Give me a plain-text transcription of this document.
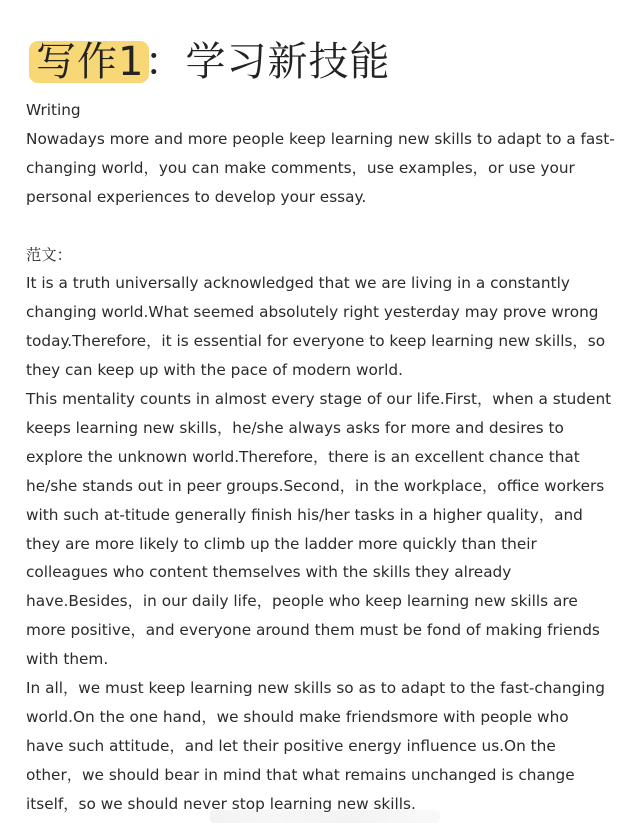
写作1：学习新技能

Writing

Nowadays more and more people keep learning new skills to adapt to a fast-

changing world，you can make comments，use examples，or use your

personal experiences to develop your essay.

范文：

It is a truth universally acknowledged that we are living in a constantly

changing world.What seemed absolutely right yesterday may prove wrong

today.Therefore，it is essential for everyone to keep learning new skills，so

they can keep up with the pace of modern world.

This mentality counts in almost every stage of our life.First，when a student

keeps learning new skills，he/she always asks for more and desires to

explore the unknown world.Therefore，there is an excellent chance that

he/she stands out in peer groups.Second，in the workplace，office workers

with such at-titude generally finish his/her tasks in a higher quality，and

they are more likely to climb up the ladder more quickly than their

colleagues who content themselves with the skills they already

have.Besides，in our daily life，people who keep learning new skills are

more positive，and everyone around them must be fond of making friends

with them.

In all，we must keep learning new skills so as to adapt to the fast-changing

world.On the one hand，we should make friendsmore with people who

have such attitude，and let their positive energy influence us.On the

other，we should bear in mind that what remains unchanged is change

itself，so we should never stop learning new skills.
